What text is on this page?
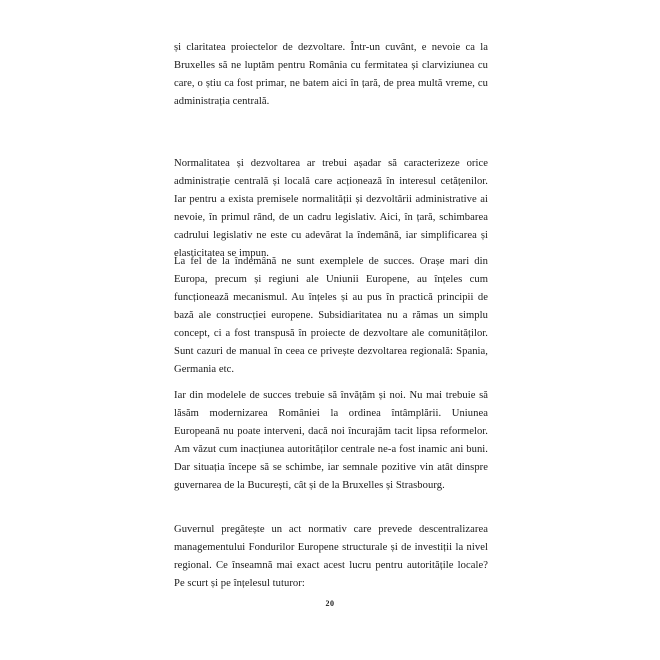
și claritatea proiectelor de dezvoltare. Într-un cuvânt, e nevoie ca la Bruxelles să ne luptăm pentru România cu fermitatea și clarviziunea cu care, o știu ca fost primar, ne batem aici în țară, de prea multă vreme, cu administrația centrală.

Normalitatea și dezvoltarea ar trebui așadar să caracterizeze orice administrație centrală și locală care acționează în interesul cetățenilor. Iar pentru a exista premisele normalității și dezvoltării administrative ai nevoie, în primul rând, de un cadru legislativ. Aici, în țară, schimbarea cadrului legislativ ne este cu adevărat la îndemână, iar simplificarea și elasticitatea se impun.

La fel de la îndemână ne sunt exemplele de succes. Orașe mari din Europa, precum și regiuni ale Uniunii Europene, au înțeles cum funcționează mecanismul. Au înțeles și au pus în practică principii de bază ale construcției europene. Subsidiaritatea nu a rămas un simplu concept, ci a fost transpusă în proiecte de dezvoltare ale comunităților. Sunt cazuri de manual în ceea ce privește dezvoltarea regională: Spania, Germania etc.

Iar din modelele de succes trebuie să învățăm și noi. Nu mai trebuie să lăsăm modernizarea României la ordinea întâmplării. Uniunea Europeană nu poate interveni, dacă noi încurajăm tacit lipsa reformelor. Am văzut cum inacțiunea autorităților centrale ne-a fost inamic ani buni. Dar situația începe să se schimbe, iar semnale pozitive vin atât dinspre guvernarea de la București, cât și de la Bruxelles și Strasbourg.

Guvernul pregătește un act normativ care prevede descentralizarea managementului Fondurilor Europene structurale și de investiții la nivel regional. Ce înseamnă mai exact acest lucru pentru autoritățile locale? Pe scurt și pe înțelesul tuturor:

20
